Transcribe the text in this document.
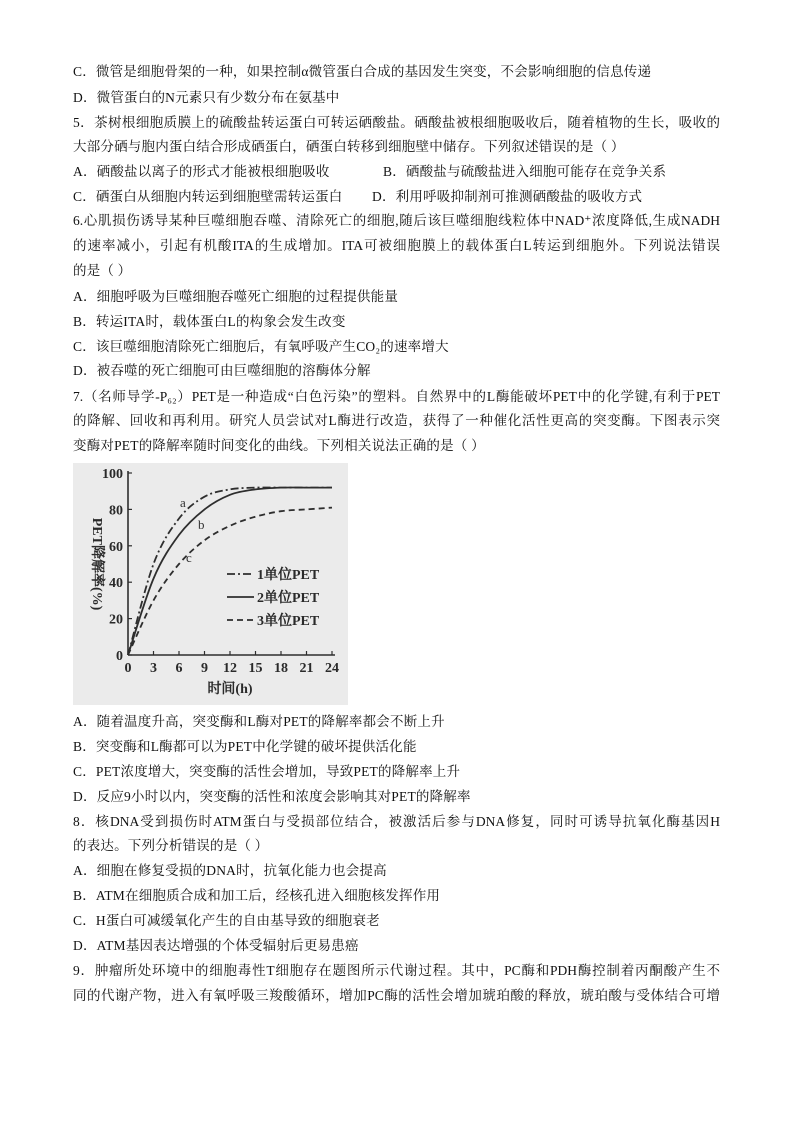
C．微管是细胞骨架的一种，如果控制α微管蛋白合成的基因发生突变，不会影响细胞的信息传递
D．微管蛋白的N元素只有少数分布在氨基中
5．茶树根细胞质膜上的硫酸盐转运蛋白可转运硒酸盐。硒酸盐被根细胞吸收后，随着植物的生长，吸收的
大部分硒与胞内蛋白结合形成硒蛋白，硒蛋白转移到细胞壁中储存。下列叙述错误的是（ ）
A．硒酸盐以离子的形式才能被根细胞吸收	B．硒酸盐与硫酸盐进入细胞可能存在竞争关系
C．硒蛋白从细胞内转运到细胞壁需转运蛋白 D．利用呼吸抑制剂可推测硒酸盐的吸收方式
6.心肌损伤诱导某种巨噬细胞吞噬、清除死亡的细胞,随后该巨噬细胞线粒体中NAD⁺浓度降低,生成NADH
的速率减小，引起有机酸ITA的生成增加。ITA可被细胞膜上的载体蛋白L转运到细胞外。下列说法错误
的是（ ）
A．细胞呼吸为巨噬细胞吞噬死亡细胞的过程提供能量
B．转运ITA时，载体蛋白L的构象会发生改变
C．该巨噬细胞清除死亡细胞后，有氧呼吸产生CO₂的速率增大
D．被吞噬的死亡细胞可由巨噬细胞的溶酶体分解
7.（名师导学-P₆₂）PET是一种造成“白色污染”的塑料。自然界中的L酶能破坏PET中的化学键,有利于PET
的降解、回收和再利用。研究人员尝试对L酶进行改造，获得了一种催化活性更高的突变酶。下图表示突
变酶对PET的降解率随时间变化的曲线。下列相关说法正确的是（ ）
0
20
40
60
80
100
0 3 6 9 12 15 18 21 24
时间(h)
PET降解率(%)
a
b
c
1单位PET
2单位PET
3单位PET
A．随着温度升高，突变酶和L酶对PET的降解率都会不断上升
B．突变酶和L酶都可以为PET中化学键的破坏提供活化能
C．PET浓度增大，突变酶的活性会增加，导致PET的降解率上升
D．反应9小时以内，突变酶的活性和浓度会影响其对PET的降解率
8．核DNA受到损伤时ATM蛋白与受损部位结合，被激活后参与DNA修复，同时可诱导抗氧化酶基因H
的表达。下列分析错误的是（ ）
A．细胞在修复受损的DNA时，抗氧化能力也会提高
B．ATM在细胞质合成和加工后，经核孔进入细胞核发挥作用
C．H蛋白可减缓氧化产生的自由基导致的细胞衰老
D．ATM基因表达增强的个体受辐射后更易患癌
9．肿瘤所处环境中的细胞毒性T细胞存在题图所示代谢过程。其中，PC酶和PDH酶控制着丙酮酸产生不
同的代谢产物，进入有氧呼吸三羧酸循环，增加PC酶的活性会增加琥珀酸的释放，琥珀酸与受体结合可增
